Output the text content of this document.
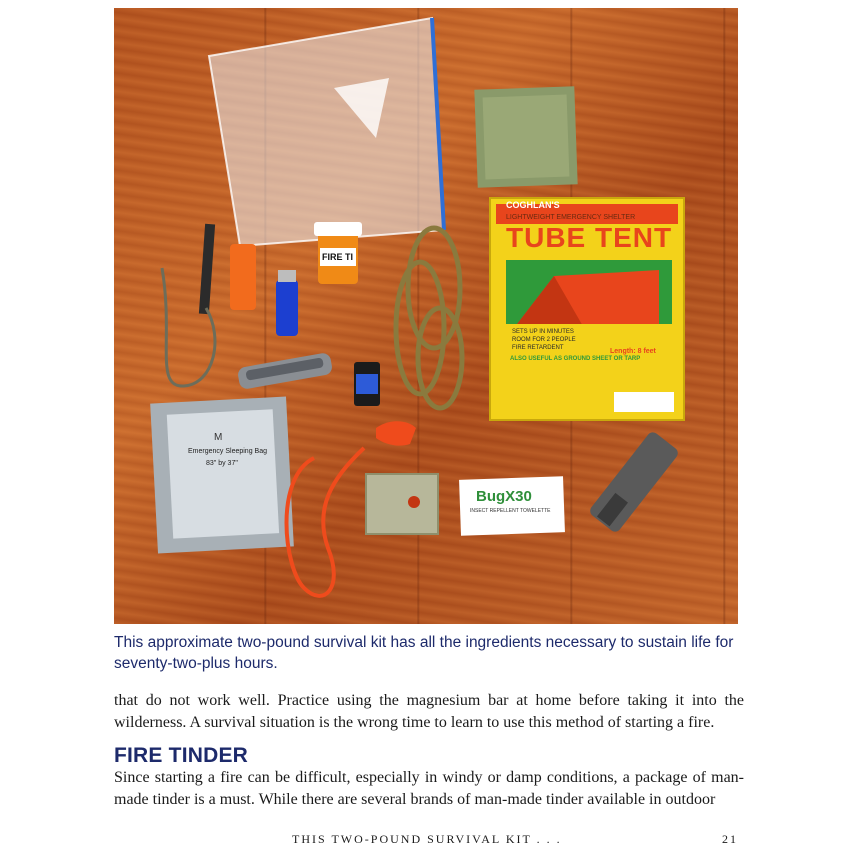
COGHLAN'S
LIGHTWEIGHT EMERGENCY SHELTER
TUBE TENT
SETS UP IN MINUTES
ROOM FOR 2 PEOPLE
FIRE RETARDENT	Length: 8 feet
ALSO USEFUL AS GROUND SHEET OR TARP
M
Emergency Sleeping Bag
83" by 37"
BugX30
INSECT REPELLENT TOWELETTE
FIRE TI

This approximate two-pound survival kit has all the ingredients necessary to sustain life for seventy-two-plus hours.

that do not work well. Practice using the magnesium bar at home before taking it into the wilderness. A survival situation is the wrong time to learn to use this method of starting a fire.

FIRE TINDER

Since starting a fire can be difficult, especially in windy or damp conditions, a package of man-made tinder is a must. While there are several brands of man-made tinder available in outdoor

THIS TWO-POUND SURVIVAL KIT . . .	21
